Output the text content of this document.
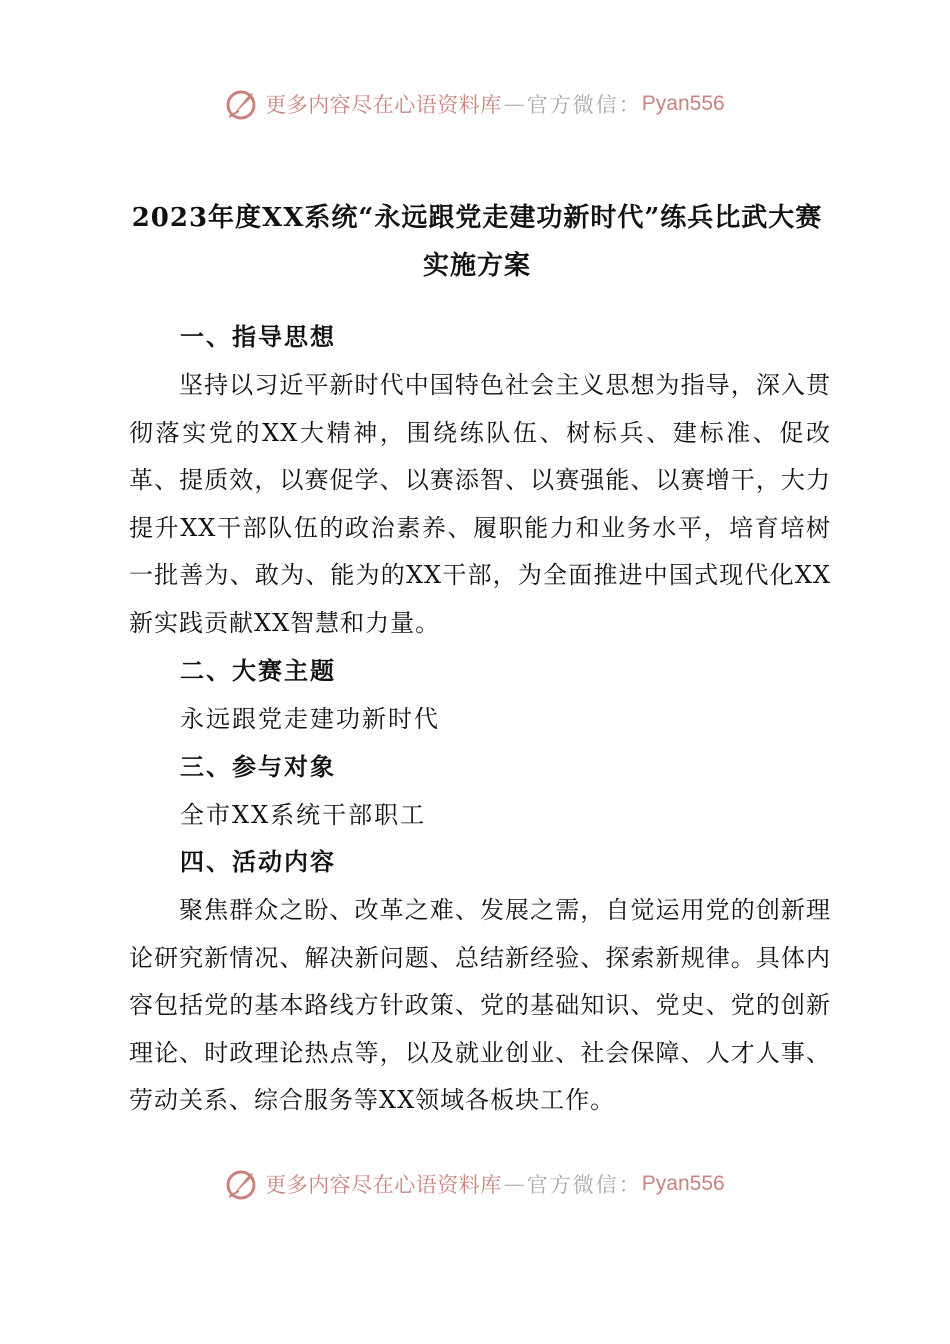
更多内容尽在心语资料库 — 官方微信： Pyan556
2023年度XX系统“永远跟党走建功新时代”练兵比武大赛实施方案
一、指导思想
坚持以习近平新时代中国特色社会主义思想为指导，深入贯彻落实党的XX大精神，围绕练队伍、树标兵、建标准、促改革、提质效，以赛促学、以赛添智、以赛强能、以赛增干，大力提升XX干部队伍的政治素养、履职能力和业务水平，培育培树一批善为、敢为、能为的XX干部，为全面推进中国式现代化XX新实践贡献XX智慧和力量。
二、大赛主题
永远跟党走建功新时代
三、参与对象
全市XX系统干部职工
四、活动内容
聚焦群众之盼、改革之难、发展之需，自觉运用党的创新理论研究新情况、解决新问题、总结新经验、探索新规律。具体内容包括党的基本路线方针政策、党的基础知识、党史、党的创新理论、时政理论热点等，以及就业创业、社会保障、人才人事、劳动关系、综合服务等XX领域各板块工作。
更多内容尽在心语资料库 — 官方微信： Pyan556
